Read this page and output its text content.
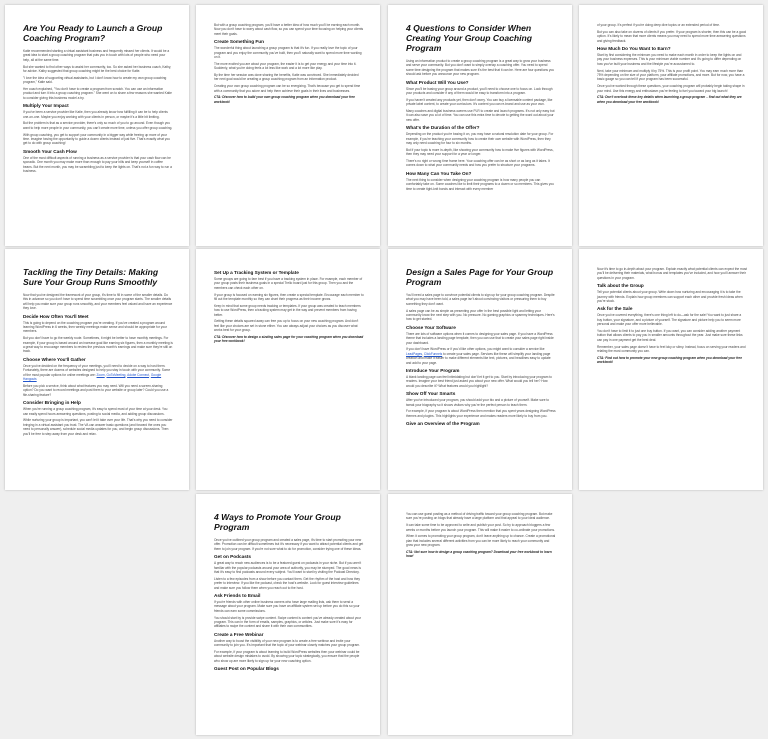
Are You Ready to Launch a Group Coaching Program?

Katie recommended starting a virtual assistant business and frequently missed her clients. It would be a great idea to start a group coaching program that puts you in touch with lots of people who need your help, all at the same time.

But she wanted to find other ways to assist her community, too. So she asked her business coach, Kathy, for advice. Kathy suggested that group coaching might be the best choice for Katie.

"I love the idea of supporting virtual assistants, but I don't know how to create my own group coaching program," Katie said.

Her coach explained, "You don't have to create a program from scratch. You can use an information product and turn it into a group coaching program." She went on to share a few reasons she wanted Katie to consider giving this business model a try.

Multiply Your Impact

If you've been a service provider like Katie, then you already know how fulfilling it can be to help clients one-on-one. Maybe you enjoy working with your clients in person, or maybe it's a little bit limiting.

But the problem is that as a service provider, there's only so much of you to go around. Even though you want to help more people in your community, you can't create more time, unless you offer group coaching.

With group coaching, you get to support your community in a bigger way while freeing up more of your time. Imagine having the opportunity to guide a dozen clients instead of just five. That's exactly what you get to do with group coaching!

Smooth Your Cash Flow

One of the most difficult aspects of running a business as a service provider is that your cash flow can be sporadic. One month you may make more than enough to pay your bills and keep yourself in coffee beans. But the next month, you may be scrambling just to keep the lights on. That's not a fun way to run a business.

But with a group coaching program, you'll have a better idea of how much you'll be earning each month. Now you don't have to worry about cash flow, so you can spend your time focusing on helping your clients meet their goals.

Create Something Fun

The wonderful thing about launching a group program is that it's fun. If you really love the topic of your program and you enjoy the community you've built, then you'll naturally want to spend more time working on it.

The more excited you are about your program, the easier it is to get your energy and your time into it. Suddenly, what you're doing feels a lot less like work and a lot more like play.

By the time her session was done sharing the benefits, Katie was convinced. She immediately decided her next goal would be creating a group coaching program from an information product.

Creating your own group coaching program can be so energizing. That's because you get to spend time with a community that you adore and help them achieve their goals in their lives and businesses.

CTA: Discover how to build your own group coaching program when you download your free workbook!

4 Questions to Consider When Creating Your Group Coaching Program

Using an information product to create a group coaching program is a great way to grow your business and serve your community. But you don't want to simply overlap a coaching offer. You need to spend some time designing the program that makes sure it's the best that it can be. Here are four questions you should ask before you announce your new program.

What Product Will You Use?

Since you'll be basing your group around a product, you'll need to choose one to focus on. Look through your products and consider if any of them would be easy to transform into a program.

If you haven't created any products yet, then don't worry. You can buy a licensable content package, like private label content, to create your curriculum. It's content you can re-brand and use as your own.

Many coaches and digital business owners use PLR to create and launch programs. It's not only easy but it can also save you a lot of time. You can use this extra time to devote to getting the word out about your new offer.

What's the Duration of the Offer?

Depending on the product you're basing it on, you may have a natural resolution date for your group. For example, if you're teaching your community how to create their own website with WordPress, then they may only need coaching for four to six months.

But if your topic is more in-depth, like showing your community how to make five figures with WordPress, then they may need your support for a year or longer.

There's no right or wrong time frame here. Your coaching offer can be as short or as long as it takes. It comes down to what your community needs and how you prefer to structure your programs.

How Many Can You Take On?

The next thing to consider when designing your coaching program is how many people you can comfortably take on. Some coaches like to limit their programs to a dozen or so members. This gives you time to create tight-knit bonds and interact with every member

of your group. It's perfect if you're doing deep dive topics or an extended period of time.

But you can also take on dozens of clients if you prefer. If your program is shorter, then this can be a good option. It's likely to mean that more clients means you may need to spend more time answering questions and giving feedback.

How Much Do You Want to Earn?

Start by first considering the minimum you need to make each month in order to keep the lights on and pay your business expenses. This is your minimum viable number and it's going to differ depending on how you've built your business and the lifestyle you're accustomed to.

Next, take your minimum and multiply it by 75%. This is your profit point. You may earn much more than 75% depending on the size of your platform, your affiliate promotions, and more. But for now, you have a basic gauge so you can tell if your program has been successful.

Once you've worked through these questions, your coaching program will probably begin taking shape in your mind. Use this energy and enthusiasm you're feeling to fuel you toward your big launch!

CTA: Don't overlook these key details when launching a group program – find out what they are when you download your free workbook!

Tackling the Tiny Details: Making Sure Your Group Runs Smoothly

Now that you've designed the framework of your group, it's time to fill in some of the smaller details. Do this in advance so you don't have to spend time scrambling once your program starts. The smaller details will help you make sure your group runs smoothly, and your members feel valued and have an experience they love.

Decide How Often You'll Meet

This is going to depend on the coaching program you're creating. If you've created a program around learning WordPress in 6 weeks, then weekly meetings make sense and should be appropriate for your members.

But you don't have to go the weekly route. Sometimes, it might be better to have monthly meetings. For example, if your group is based around an increase goal like earning six figures, then a monthly meeting is a great way to encourage members to review the previous month's earnings and make sure they're still on track.

Choose Where You'll Gather

Once you've decided on the frequency of your meetings, you'll need to decide on a way to host them. Fortunately, there are dozens of websites designed to help you stay in touch with your community. Some of the most popular options for online meetings are: Zoom, GoToMeeting, Adobe Connect, Google Hangouts

Before you pick a service, think about what features you may need. Will you need a screen-sharing option? Do you want to record meetings and post them to your website or group later? Could you use a file-sharing feature?

Consider Bringing in Help

When you're running a group coaching program, it's easy to spend most of your time at your desk. You can easily spend hours answering questions, posting to social media, and adding group discussions.

While nurturing your group is important, you can't let it take over your life. That's why you need to consider bringing in a virtual assistant you trust. The VA can answer basic questions (and forward the ones you need to personally answer), schedule social media updates for you, and begin group discussions. Then you'll be free to step away from your desk and relax.

Set Up a Tracking System or Template

Some groups are going to fare best if you have a tracking system in place. For example, each member of your group posts their business goals in a special Trello board just for this group. Then you and the members can check each other on.

If your group is focused on earning six figures, then create a special template. Encourage each member to fill out the template monthly so they can chart their progress as their income grows.

Keep in mind that some group needs tracking or templates. If your group was created to teach members how to use WordPress, then a tracking system may get in the way and prevent members from having better.

Getting these details squared away can free you up to focus on your new coaching program. And don't feel like your choices are set in stone either. You can always adjust your choices as you discover what works best for your group.

CTA: Discover how to design a sizzling sales page for your coaching program when you download your free workbook!

Design a Sales Page for Your Group Program

You'll need a sales page to convince potential clients to sign up for your group coaching program. Despite what you may have been told, a sales page isn't about convincing visitors or pressuring them to buy something they don't want.

A sales page can be as simple as presenting your offer in the best possible light and letting your community know the next step with you. No pressure. No gaming graphics or spammy techniques. Here's how to get started.

Choose Your Software

There are lots of software options when it comes to designing your sales page. If you have a WordPress theme that includes a landing page template, then you can use that to create your sales page right inside your dashboard.

If you don't have WordPress or if you'd like other options, you might want to consider a service like LeadPages, ClickFunnels to create your sales page. Services like these will simplify your landing page creation and make it easier to make different elements like text, pictures, and headlines easy to update and add to your page.

Introduce Your Program

A blank landing page can feel intimidating but don't let it get to you. Start by introducing your program to readers. Imagine your best friend just asked you about your new offer. What would you tell her? How would you describe it? What features would you highlight?

Show Off Your Smarts

After you've introduced your program, you should add your bio and a picture of yourself. Make sure to tweak your biography so it shows visitors why you're the perfect person to teach them.

For example, if your program is about WordPress then mention that you spent years designing WordPress themes and plugins. This highlights your experience and makes readers more likely to buy from you.

Give an Overview of the Program

Now it's time to go in-depth about your program. Explain exactly what potential clients can expect the most you'll be delivering their materials, what bonus and templates you've included, and how you'll answer their questions in your program.

Talk about the Group

Tell your potential clients about your group. Write down how nurturing and encouraging it is to take the journey with friends. Explain how group members can support each other and provide fresh ideas when you're stuck.

Ask for the Sale

Once you've covered everything, there's one thing left to do—ask for the sale! You want to just share a buy button, your signature, and a picture of yourself. The signature and picture help you to seem more personal and make your offer more believable.

You don't have to limit it to just one buy button. If you want, you can consider adding another payment button that allows clients to pay you in smaller amounts throughout the year. Just make sure these links can pay in one payment get the best deal.

Remember, your sales page doesn't have to feel icky or slimy. Instead, focus on serving your readers and relating the most community you can.

CTA: Find out how to promote your new group coaching program when you download your free workbook!

4 Ways to Promote Your Group Program

Once you've outlined your group program and created a sales page, it's time to start promoting your new offer. Promotion can be difficult sometimes but it's necessary if you want to attract potential clients and get them to join your program. If you're not sure what to do for promotion, consider trying one of these ideas.

Get on Podcasts

A great way to reach new audiences is to be a featured guest on podcasts in your niche. But if you aren't familiar with the popular podcasts around your area of authority, you may be stumped. The good news is that it's easy to find podcasts around every subject. You'll want to start by visiting the Podcast Directory.

Listen to a few episodes from a show before you contact them. Get the rhythm of the host and how they prefer to interview. If you like the podcast, check the host's website. Look for guest interview guidelines and make sure you follow them when you reach out to the host.

Ask Friends to Email

If you're friends with other online business owners who have large mailing lists, ask them to send a message about your program. Make sure you have an affiliate system set up before you do this so your friends can earn some commissions.

You should start by is provide swipe content. Swipe content is content you've already created about your program. This can in the form of emails, samples, graphics, or articles. Just make sure it's easy for affiliates to swipe the content and share it with their own communities.

Create a Free Webinar

Another way to boost the visibility of your new program is to create a free webinar and invite your community to join you. It's important that the topic of your webinar closely matches your group program.

For example, if your program is about learning to build WordPress websites then your webinar could be about website design mistakes to avoid. By showing your topic strategically, you ensure that the people who show up are more likely to sign up for your new coaching option.

Guest Post on Popular Blogs

You can use guest posting as a method of driving traffic toward your group coaching program. But make sure you're posting on blogs that already have a large platform and that appeal to your ideal audience.

It can take some time to be approved to write and publish your post. So try to approach bloggers a few weeks or months before you launch your program. This will make it easier to co-ordinate your promotions.

When it comes to promoting your group program, don't leave anything up to chance. Create a promotional plan that includes several different activities from you can be more likely to reach your community and grow your new program.

CTA: Not sure how to design a group coaching program? Download your free workbook to learn how!
